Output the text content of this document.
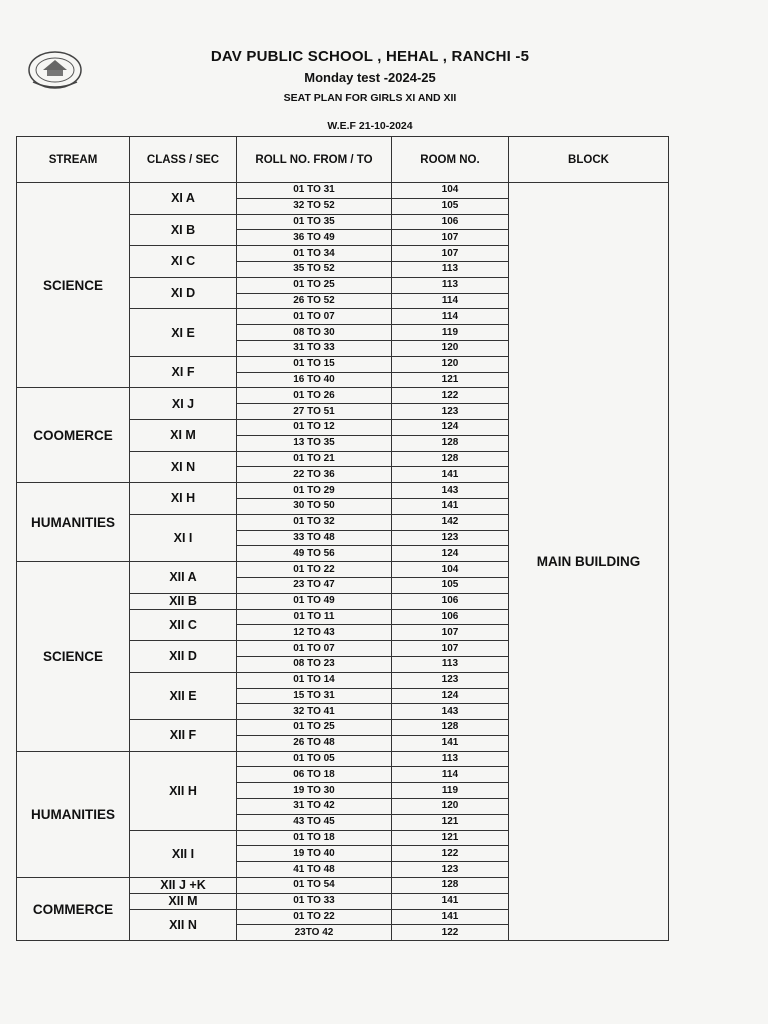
DAV PUBLIC SCHOOL , HEHAL , RANCHI -5
Monday test -2024-25
SEAT PLAN FOR GIRLS XI AND XII
W.E.F 21-10-2024
STREAM	CLASS / SEC	ROLL NO. FROM / TO	ROOM NO.	BLOCK
SCIENCE	XI A	01 TO 31	104	MAIN BUILDING
		32 TO 52	105	
	XI B	01 TO 35	106	
		36 TO 49	107	
	XI C	01 TO 34	107	
		35 TO 52	113	
	XI D	01 TO 25	113	
		26 TO 52	114	
	XI E	01 TO 07	114	
		08 TO 30	119	
		31 TO 33	120	
	XI F	01 TO 15	120	
		16 TO 40	121	
COOMERCE	XI J	01 TO 26	122	
		27 TO 51	123	
	XI M	01 TO 12	124	
		13 TO 35	128	
	XI N	01 TO 21	128	
		22 TO 36	141	
HUMANITIES	XI H	01 TO 29	143	
		30 TO 50	141	
	XI I	01 TO 32	142	
		33 TO 48	123	
		49 TO 56	124	
SCIENCE	XII A	01 TO 22	104	
		23 TO 47	105	
	XII B	01 TO 49	106	
	XII C	01 TO 11	106	
		12 TO 43	107	
	XII D	01 TO 07	107	
		08 TO 23	113	
	XII E	01 TO 14	123	
		15 TO 31	124	
		32 TO 41	143	
	XII F	01 TO 25	128	
		26 TO 48	141	
HUMANITIES	XII H	01 TO 05	113	
		06 TO 18	114	
		19 TO 30	119	
		31 TO 42	120	
		43 TO 45	121	
	XII I	01 TO 18	121	
		19 TO 40	122	
		41 TO 48	123	
COMMERCE	XII J +K	01 TO 54	128	
	XII M	01 TO 33	141	
	XII N	01 TO 22	141	
		23TO 42	122	
